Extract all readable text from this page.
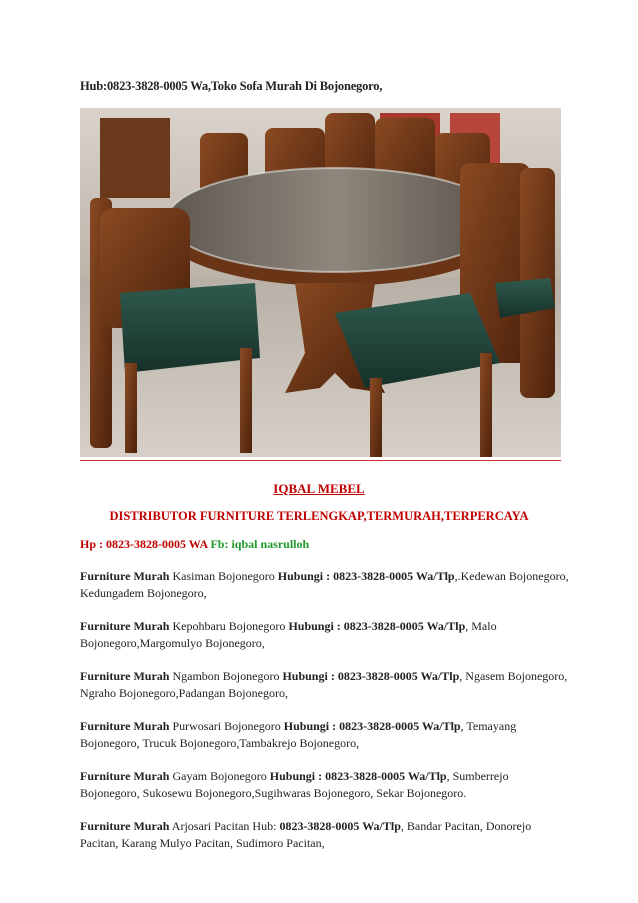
Hub:0823-3828-0005 Wa,Toko Sofa Murah Di Bojonegoro,
IQBAL MEBEL
DISTRIBUTOR FURNITURE TERLENGKAP,TERMURAH,TERPERCAYA
Hp : 0823-3828-0005 WA Fb: iqbal nasrulloh

Furniture Murah Kasiman Bojonegoro Hubungi : 0823-3828-0005 Wa/Tlp,.Kedewan Bojonegoro, Kedungadem Bojonegoro,

Furniture Murah Kepohbaru Bojonegoro Hubungi : 0823-3828-0005 Wa/Tlp, Malo Bojonegoro,Margomulyo Bojonegoro,

Furniture Murah Ngambon Bojonegoro Hubungi : 0823-3828-0005 Wa/Tlp, Ngasem Bojonegoro, Ngraho Bojonegoro,Padangan Bojonegoro,

Furniture Murah Purwosari Bojonegoro Hubungi : 0823-3828-0005 Wa/Tlp, Temayang Bojonegoro, Trucuk Bojonegoro,Tambakrejo Bojonegoro,

Furniture Murah Gayam Bojonegoro Hubungi : 0823-3828-0005 Wa/Tlp, Sumberrejo Bojonegoro, Sukosewu Bojonegoro,Sugihwaras Bojonegoro, Sekar Bojonegoro.

Furniture Murah Arjosari Pacitan Hub: 0823-3828-0005 Wa/Tlp, Bandar Pacitan, Donorejo Pacitan, Karang Mulyo Pacitan, Sudimoro Pacitan,
